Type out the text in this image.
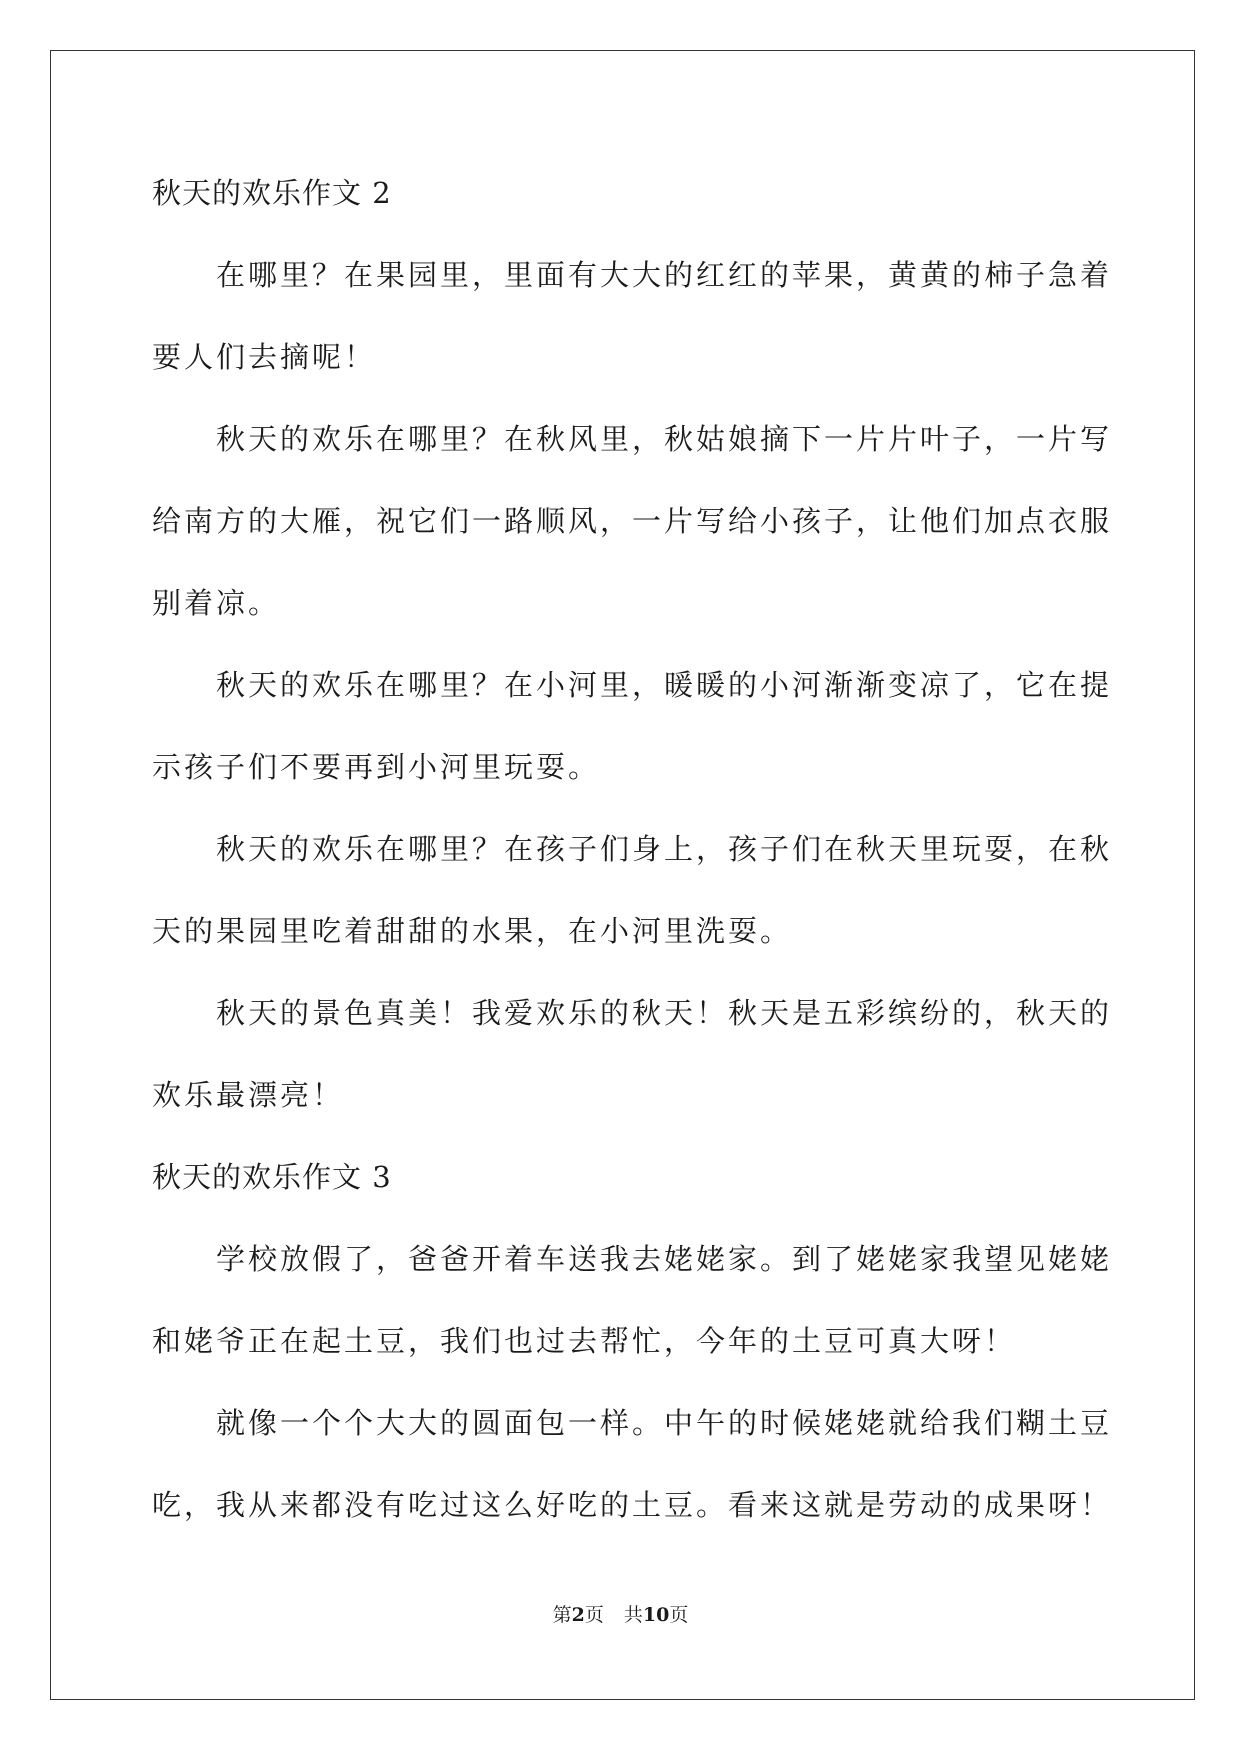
秋天的欢乐作文 2
在哪里？在果园里，里面有大大的红红的苹果，黄黄的柿子急着
要人们去摘呢！
秋天的欢乐在哪里？在秋风里，秋姑娘摘下一片片叶子，一片写
给南方的大雁，祝它们一路顺风，一片写给小孩子，让他们加点衣服
别着凉。
秋天的欢乐在哪里？在小河里，暖暖的小河渐渐变凉了，它在提
示孩子们不要再到小河里玩耍。
秋天的欢乐在哪里？在孩子们身上，孩子们在秋天里玩耍，在秋
天的果园里吃着甜甜的水果，在小河里洗耍。
秋天的景色真美！我爱欢乐的秋天！秋天是五彩缤纷的，秋天的
欢乐最漂亮！
秋天的欢乐作文 3
学校放假了，爸爸开着车送我去姥姥家。到了姥姥家我望见姥姥
和姥爷正在起土豆，我们也过去帮忙，今年的土豆可真大呀！
就像一个个大大的圆面包一样。中午的时候姥姥就给我们糊土豆
吃，我从来都没有吃过这么好吃的土豆。看来这就是劳动的成果呀！
第2页 共10页
